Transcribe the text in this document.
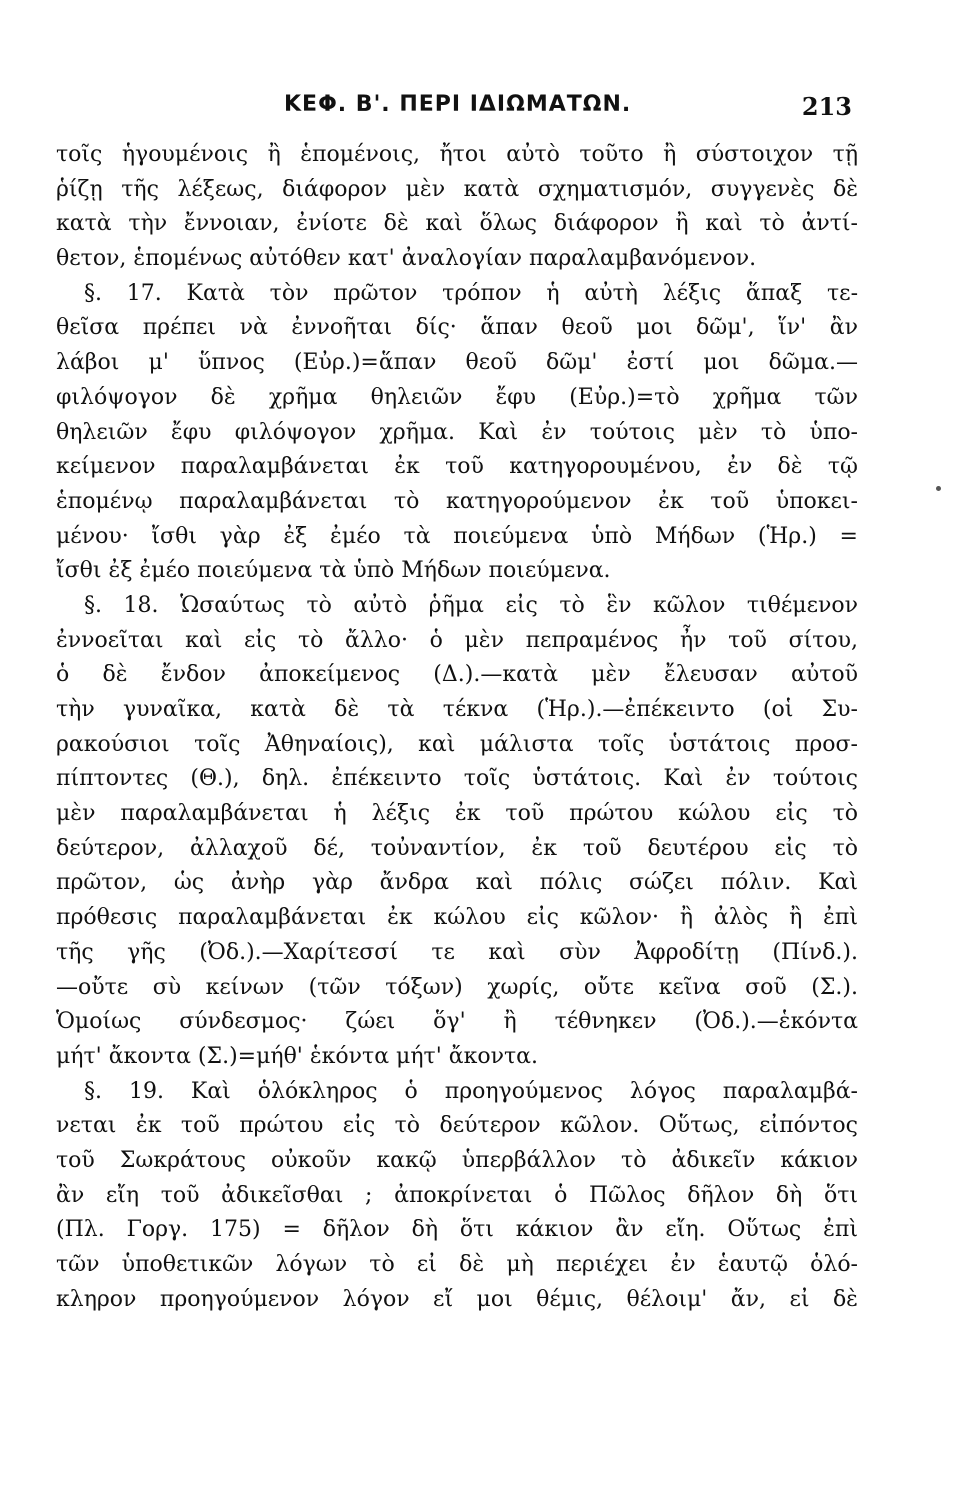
ΚΕΦ. Β'. ΠΕΡΙ ΙΔΙΩΜΑΤΩΝ.	213
τοῖς ἡγουμένοις ἢ ἑπομένοις, ἤτοι αὐτὸ τοῦτο ἢ σύστοιχον τῇ
ῥίζῃ τῆς λέξεως, διάφορον μὲν κατὰ σχηματισμόν, συγγενὲς δὲ
κατὰ τὴν ἔννοιαν, ἐνίοτε δὲ καὶ ὅλως διάφορον ἢ καὶ τὸ ἀντί-
θετον, ἑπομένως αὐτόθεν κατ' ἀναλογίαν παραλαμβανόμενον.
§. 17. Κατὰ τὸν πρῶτον τρόπον ἡ αὐτὴ λέξις ἅπαξ τε-
θεῖσα πρέπει νὰ ἐννοῆται δίς· ἅπαν θεοῦ μοι δῶμ', ἵν' ἂν
λάβοι μ' ὕπνος (Εὐρ.)=ἅπαν θεοῦ δῶμ' ἐστί μοι δῶμα.—
φιλόψογον δὲ χρῆμα θηλειῶν ἔφυ (Εὐρ.)=τὸ χρῆμα τῶν
θηλειῶν ἔφυ φιλόψογον χρῆμα. Καὶ ἐν τούτοις μὲν τὸ ὑπο-
κείμενον παραλαμβάνεται ἐκ τοῦ κατηγορουμένου, ἐν δὲ τῷ
ἑπομένῳ παραλαμβάνεται τὸ κατηγορούμενον ἐκ τοῦ ὑποκει-
μένου· ἴσθι γὰρ ἐξ ἐμέο τὰ ποιεύμενα ὑπὸ Μήδων (Ἡρ.) =
ἴσθι ἐξ ἐμέο ποιεύμενα τὰ ὑπὸ Μήδων ποιεύμενα.
§. 18. Ὡσαύτως τὸ αὐτὸ ῥῆμα εἰς τὸ ἓν κῶλον τιθέμενον
ἐννοεῖται καὶ εἰς τὸ ἄλλο· ὁ μὲν πεπραμένος ἦν τοῦ σίτου,
ὁ δὲ ἔνδον ἀποκείμενος (Δ.).—κατὰ μὲν ἔλευσαν αὐτοῦ
τὴν γυναῖκα, κατὰ δὲ τὰ τέκνα (Ἡρ.).—ἐπέκειντο (οἱ Συ-
ρακούσιοι τοῖς Ἀθηναίοις), καὶ μάλιστα τοῖς ὑστάτοις προσ-
πίπτοντες (Θ.), δηλ. ἐπέκειντο τοῖς ὑστάτοις. Καὶ ἐν τούτοις
μὲν παραλαμβάνεται ἡ λέξις ἐκ τοῦ πρώτου κώλου εἰς τὸ
δεύτερον, ἀλλαχοῦ δέ, τοὐναντίον, ἐκ τοῦ δευτέρου εἰς τὸ
πρῶτον, ὡς ἀνὴρ γὰρ ἄνδρα καὶ πόλις σώζει πόλιν. Καὶ
πρόθεσις παραλαμβάνεται ἐκ κώλου εἰς κῶλον· ἢ ἀλὸς ἢ ἐπὶ
τῆς γῆς (Ὀδ.).—Χαρίτεσσί τε καὶ σὺν Ἀφροδίτῃ (Πίνδ.).
—οὔτε σὺ κείνων (τῶν τόξων) χωρίς, οὔτε κεῖνα σοῦ (Σ.).
Ὁμοίως σύνδεσμος· ζώει ὅγ' ἢ τέθνηκεν (Ὀδ.).—ἑκόντα
μήτ' ἄκοντα (Σ.)=μήθ' ἑκόντα μήτ' ἄκοντα.
§. 19. Καὶ ὁλόκληρος ὁ προηγούμενος λόγος παραλαμβά-
νεται ἐκ τοῦ πρώτου εἰς τὸ δεύτερον κῶλον. Οὕτως, εἰπόντος
τοῦ Σωκράτους οὐκοῦν κακῷ ὑπερβάλλον τὸ ἀδικεῖν κάκιον
ἂν εἴη τοῦ ἀδικεῖσθαι ; ἀποκρίνεται ὁ Πῶλος δῆλον δὴ ὅτι
(Πλ. Γοργ. 175) = δῆλον δὴ ὅτι κάκιον ἂν εἴη. Οὕτως ἐπὶ
τῶν ὑποθετικῶν λόγων τὸ εἰ δὲ μὴ περιέχει ἐν ἑαυτῷ ὁλό-
κληρον προηγούμενον λόγον εἴ μοι θέμις, θέλοιμ' ἄν, εἰ δὲ
